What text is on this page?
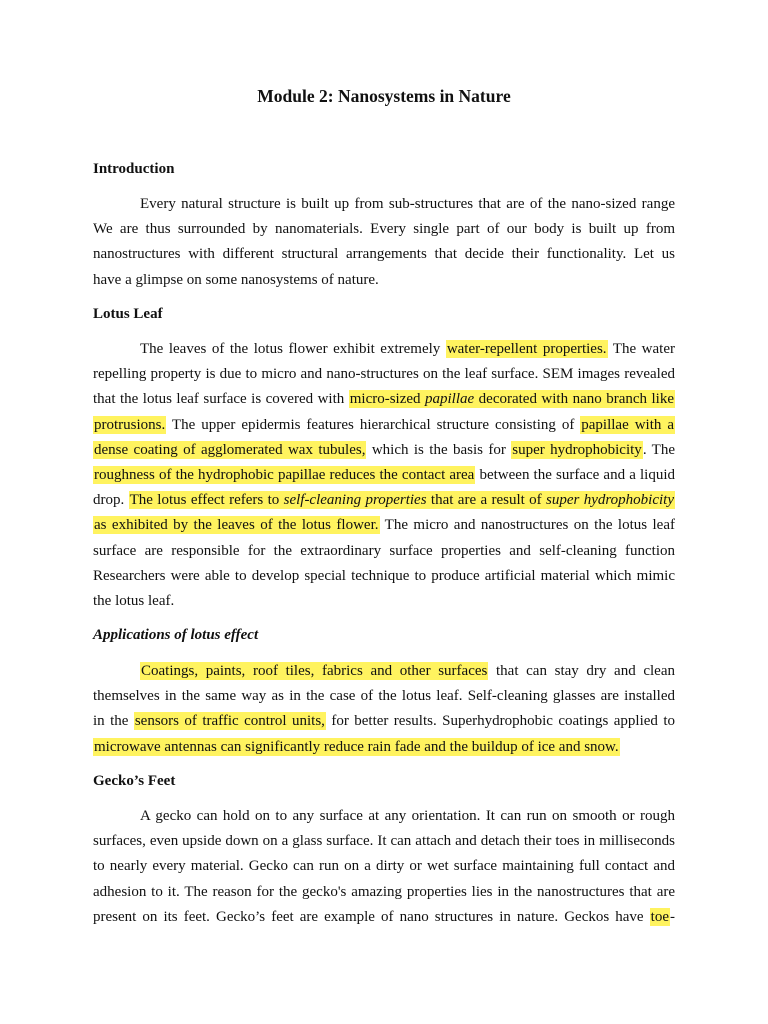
Module 2: Nanosystems in Nature
Introduction
Every natural structure is built up from sub-structures that are of the nano-sized range
We are thus surrounded by nanomaterials. Every single part of our body is built up from
nanostructures with different structural arrangements that decide their functionality. Let us
have a glimpse on some nanosystems of nature.
Lotus Leaf
The leaves of the lotus flower exhibit extremely water-repellent properties. The water
repelling property is due to micro and nano-structures on the leaf surface. SEM images revealed
that the lotus leaf surface is covered with micro-sized papillae decorated with nano branch like
protrusions. The upper epidermis features hierarchical structure consisting of papillae with a
dense coating of agglomerated wax tubules, which is the basis for super hydrophobicity. The
roughness of the hydrophobic papillae reduces the contact area between the surface and a liquid
drop. The lotus effect refers to self-cleaning properties that are a result of super hydrophobicity
as exhibited by the leaves of the lotus flower. The micro and nanostructures on the lotus leaf
surface are responsible for the extraordinary surface properties and self-cleaning function
Researchers were able to develop special technique to produce artificial material which mimic
the lotus leaf.
Applications of lotus effect
Coatings, paints, roof tiles, fabrics and other surfaces that can stay dry and clean
themselves in the same way as in the case of the lotus leaf. Self-cleaning glasses are installed
in the sensors of traffic control units, for better results. Superhydrophobic coatings applied to
microwave antennas can significantly reduce rain fade and the buildup of ice and snow.
Gecko’s Feet
A gecko can hold on to any surface at any orientation. It can run on smooth or rough
surfaces, even upside down on a glass surface. It can attach and detach their toes in milliseconds
to nearly every material. Gecko can run on a dirty or wet surface maintaining full contact and
adhesion to it. The reason for the gecko's amazing properties lies in the nanostructures that are
present on its feet. Gecko’s feet are example of nano structures in nature. Geckos have toe-
